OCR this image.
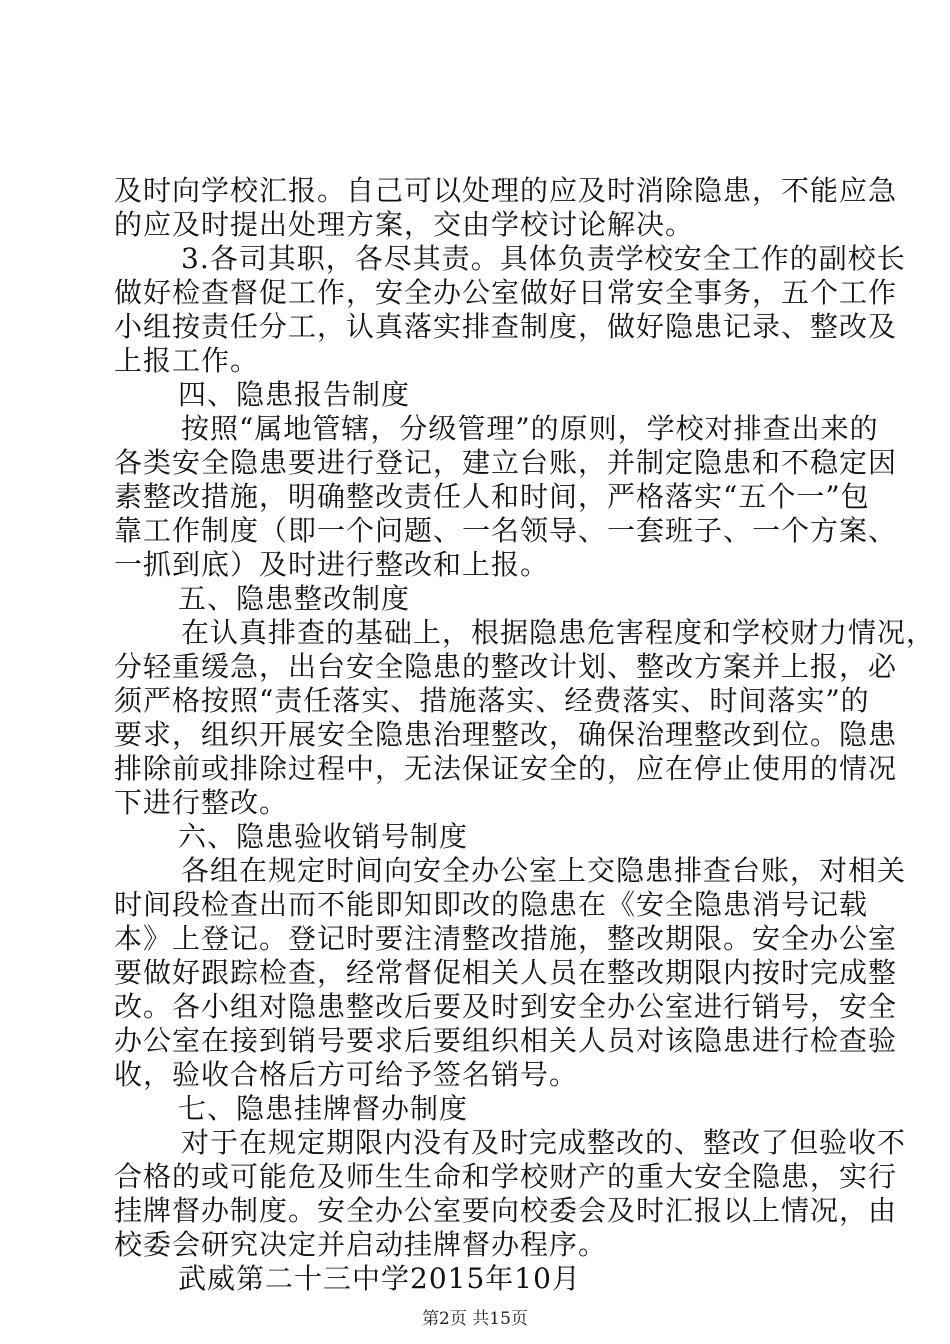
及时向学校汇报。自己可以处理的应及时消除隐患，不能应急
的应及时提出处理方案，交由学校讨论解决。
3.各司其职，各尽其责。具体负责学校安全工作的副校长
做好检查督促工作，安全办公室做好日常安全事务，五个工作
小组按责任分工，认真落实排查制度，做好隐患记录、整改及
上报工作。
四、隐患报告制度
按照“属地管辖，分级管理”的原则，学校对排查出来的
各类安全隐患要进行登记，建立台账，并制定隐患和不稳定因
素整改措施，明确整改责任人和时间，严格落实“五个一”包
靠工作制度（即一个问题、一名领导、一套班子、一个方案、
一抓到底）及时进行整改和上报。
五、隐患整改制度
在认真排查的基础上，根据隐患危害程度和学校财力情况，
分轻重缓急，出台安全隐患的整改计划、整改方案并上报，必
须严格按照“责任落实、措施落实、经费落实、时间落实”的
要求，组织开展安全隐患治理整改，确保治理整改到位。隐患
排除前或排除过程中，无法保证安全的，应在停止使用的情况
下进行整改。
六、隐患验收销号制度
各组在规定时间向安全办公室上交隐患排查台账，对相关
时间段检查出而不能即知即改的隐患在《安全隐患消号记载
本》上登记。登记时要注清整改措施，整改期限。安全办公室
要做好跟踪检查，经常督促相关人员在整改期限内按时完成整
改。各小组对隐患整改后要及时到安全办公室进行销号，安全
办公室在接到销号要求后要组织相关人员对该隐患进行检查验
收，验收合格后方可给予签名销号。
七、隐患挂牌督办制度
对于在规定期限内没有及时完成整改的、整改了但验收不
合格的或可能危及师生生命和学校财产的重大安全隐患，实行
挂牌督办制度。安全办公室要向校委会及时汇报以上情况，由
校委会研究决定并启动挂牌督办程序。
武威第二十三中学2015年10月
第2页 共15页
